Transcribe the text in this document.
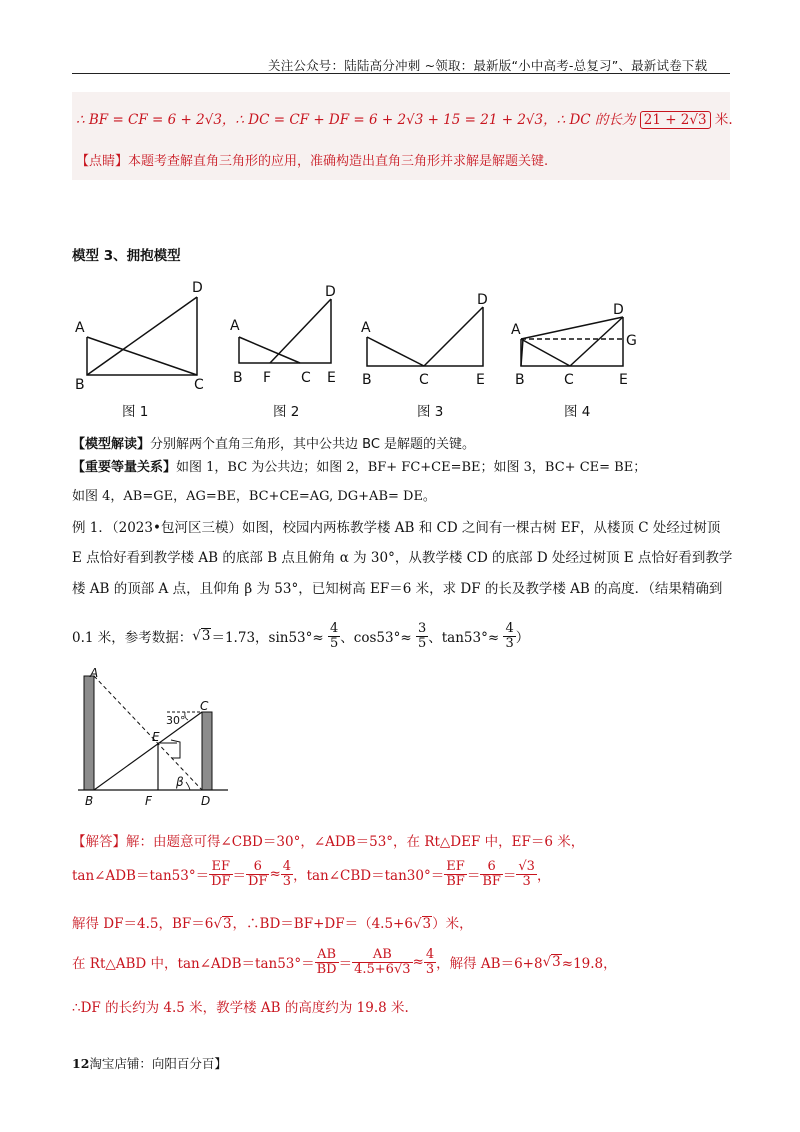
关注公众号：陆陆高分冲刺 ~领取：最新版“小中高考-总复习”、最新试卷下载
∴ BF = CF = 6 + 2√3，∴ DC = CF + DF = 6 + 2√3 + 15 = 21 + 2√3，∴ DC 的长为 21 + 2√3 米.
【点睛】本题考查解直角三角形的应用，准确构造出直角三角形并求解是解题关键.
模型 3、拥抱模型
A
B	C
D
A
B F C E
D
A
B	C	E
D
A
B	C	E
D
G
图 1	图 2	图 3	图 4
【模型解读】分别解两个直角三角形，其中公共边 BC 是解题的关键。
【重要等量关系】如图 1，BC 为公共边；如图 2，BF+ FC+CE=BE；如图 3，BC+ CE= BE；
如图 4，AB=GE，AG=BE，BC+CE=AG, DG+AB= DE。
例 1．（2023•包河区三模）如图，校园内两栋教学楼 AB 和 CD 之间有一棵古树 EF，从楼顶 C 处经过树顶
E 点恰好看到教学楼 AB 的底部 B 点且俯角 α 为 30°，从教学楼 CD 的底部 D 处经过树顶 E 点恰好看到教学
楼 AB 的顶部 A 点，且仰角 β 为 53°，已知树高 EF＝6 米，求 DF 的长及教学楼 AB 的高度．（结果精确到
0.1 米，参考数据： √ 3＝1.73，$\sin 53^\circ\approx \frac{4}{5}$ 、$\cos 53^\circ\approx \frac{3}{5}$ 、$\tan 53^\circ\approx \frac{4}{3}$ ）
A
B
C
D
E
F
β
30°
【解答】解：由题意可得∠CBD＝30°，∠ADB＝53°，在 Rt△DEF 中，EF＝6 米，
tan∠ADB＝tan53°＝ $\frac{EF}{DF} = \frac{6}{DF} \approx \frac{4}{3}$ ，tan∠CBD＝tan30°＝ $\frac{EF}{BF} = \frac{6}{BF} = \frac{√3}{3}$ ，
解得 DF＝4.5，BF＝6 √ 3，∴BD＝BF+DF＝（4.5+6 √ 3）米，
在 Rt△ABD 中，tan∠ADB＝tan53°＝ $\frac{AB}{BD} = \frac{AB}{4.5+6√3} \approx \frac{4}{3}$ ，解得 AB＝6+8 √ 3≈19.8，
∴DF 的长约为 4.5 米，教学楼 AB 的高度约为 19.8 米.
12淘宝店铺：向阳百分百】
